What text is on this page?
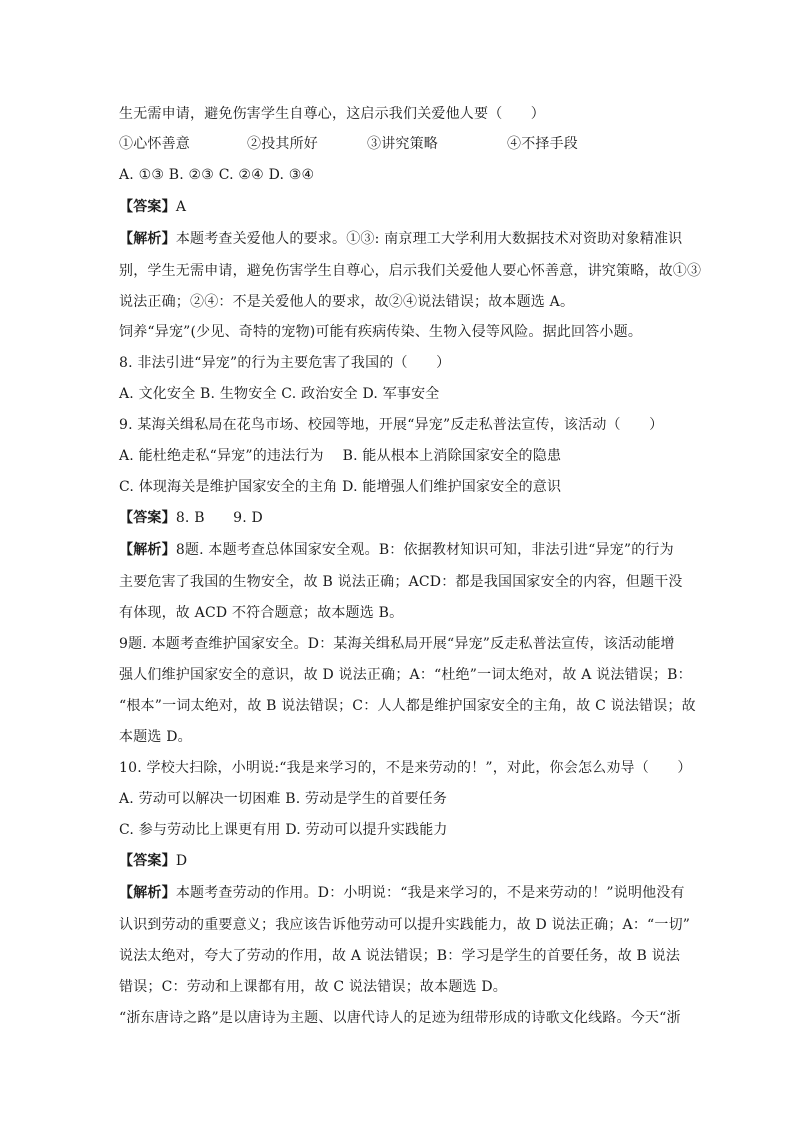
生无需申请，避免伤害学生自尊心，这启示我们关爱他人要（　　）
①心怀善意	②投其所好	③讲究策略	④不择手段
A. ①③ B. ②③ C. ②④ D. ③④
【答案】A
【解析】本题考查关爱他人的要求。①③: 南京理工大学利用大数据技术对资助对象精准识
别，学生无需申请，避免伤害学生自尊心，启示我们关爱他人要心怀善意，讲究策略，故①③
说法正确；②④：不是关爱他人的要求，故②④说法错误；故本题选 A。
饲养“异宠”(少见、奇特的宠物)可能有疾病传染、生物入侵等风险。据此回答小题。
8. 非法引进“异宠”的行为主要危害了我国的（　　）
A. 文化安全 B. 生物安全 C. 政治安全 D. 军事安全
9. 某海关缉私局在花鸟市场、校园等地，开展“异宠”反走私普法宣传，该活动（　　）
A. 能杜绝走私“异宠”的违法行为　 B. 能从根本上消除国家安全的隐患
C. 体现海关是维护国家安全的主角 D. 能增强人们维护国家安全的意识
【答案】8. B　　9. D
【解析】8题. 本题考查总体国家安全观。B：依据教材知识可知，非法引进“异宠”的行为
主要危害了我国的生物安全，故 B 说法正确；ACD：都是我国国家安全的内容，但题干没
有体现，故 ACD 不符合题意；故本题选 B。
9题. 本题考查维护国家安全。D：某海关缉私局开展“异宠”反走私普法宣传，该活动能增
强人们维护国家安全的意识，故 D 说法正确；A：“杜绝”一词太绝对，故 A 说法错误；B：
“根本”一词太绝对，故 B 说法错误；C：人人都是维护国家安全的主角，故 C 说法错误；故
本题选 D。
10. 学校大扫除，小明说:“我是来学习的，不是来劳动的！”，对此，你会怎么劝导（　　）
A. 劳动可以解决一切困难 B. 劳动是学生的首要任务
C. 参与劳动比上课更有用 D. 劳动可以提升实践能力
【答案】D
【解析】本题考查劳动的作用。D：小明说：“我是来学习的，不是来劳动的！”说明他没有
认识到劳动的重要意义；我应该告诉他劳动可以提升实践能力，故 D 说法正确；A：“一切”
说法太绝对，夸大了劳动的作用，故 A 说法错误；B：学习是学生的首要任务，故 B 说法
错误；C：劳动和上课都有用，故 C 说法错误；故本题选 D。
“浙东唐诗之路”是以唐诗为主题、以唐代诗人的足迹为纽带形成的诗歌文化线路。今天“浙
